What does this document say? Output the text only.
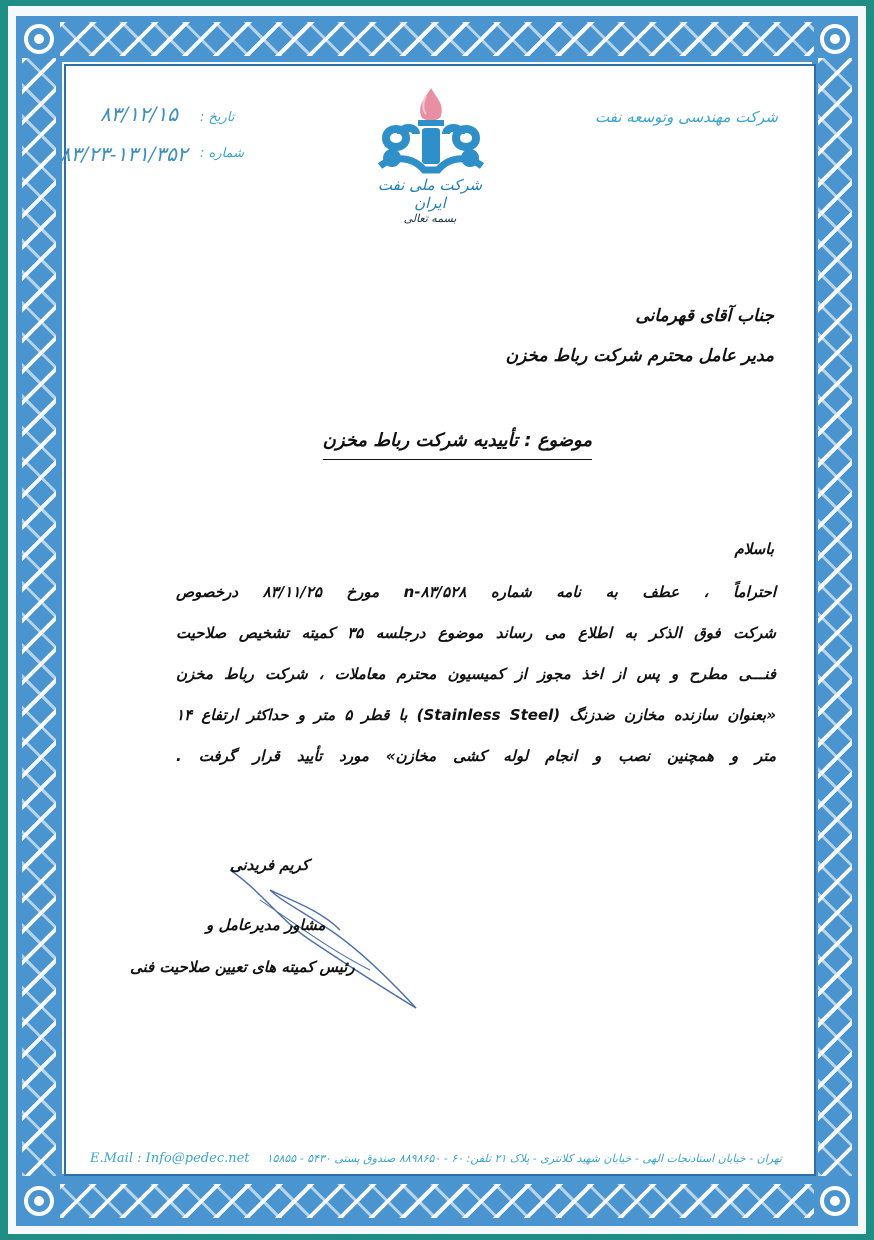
شرکت مهندسی وتوسعه نفت
شرکت ملی نفت ایران
بسمه تعالی
تاریخ :
۸۳/۱۲/۱۵
شماره :
۸۳/۲۳-۱۳۱/۳۵۲
جناب آقای قهرمانی
مدیر عامل محترم شرکت رباط مخزن
موضوع : تأییدیه شرکت رباط مخزن
باسلام
احتراماً ، عطف به نامه شماره ۸۳/۵۲۸-n مورخ ۸۳/۱۱/۲۵ درخصوص
شرکت فوق الذکر به اطلاع می رساند موضوع درجلسه ۳۵ کمیته تشخیص صلاحیت
فنـــی مطرح و پس از اخذ مجوز از کمیسیون محترم معاملات ، شرکت رباط مخزن
«بعنوان سازنده مخازن ضدزنگ (Stainless Steel) با قطر ۵ متر و حداکثر ارتفاع ۱۴
متر و همچنین نصب و انجام لوله کشی مخازن» مورد تأیید قرار گرفت .
کریم فریدنی
مشاور مدیرعامل و
رئیس کمیته های تعیین صلاحیت فنی
تهران - خیابان استادنجات الهی - خیابان شهید کلانتری - پلاک ۲۱ تلفن: ۶۰ - ۸۸۹۸۶۵۰ صندوق پستی ۵۴۳۰ - ۱۵۸۵۵
E.Mail : Info@pedec.net
